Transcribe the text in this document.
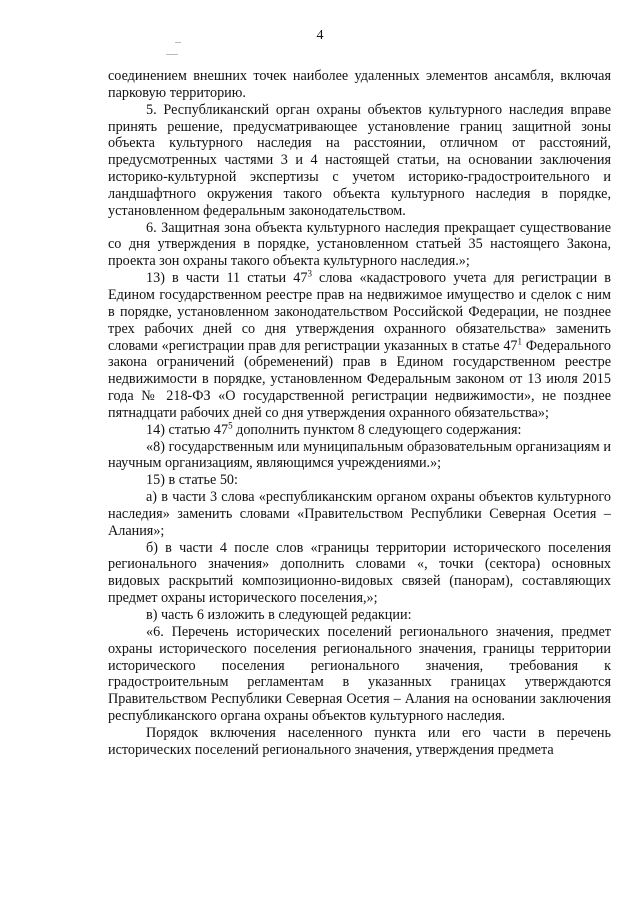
4

соединением внешних точек наиболее удаленных элементов ансамбля, включая парковую территорию.

5. Республиканский орган охраны объектов культурного наследия вправе принять решение, предусматривающее установление границ защитной зоны объекта культурного наследия на расстоянии, отличном от расстояний, предусмотренных частями 3 и 4 настоящей статьи, на основании заключения историко-культурной экспертизы с учетом историко-градостроительного и ландшафтного окружения такого объекта культурного наследия в порядке, установленном федеральным законодательством.

6. Защитная зона объекта культурного наследия прекращает существование со дня утверждения в порядке, установленном статьей 35 настоящего Закона, проекта зон охраны такого объекта культурного наследия.»;

13) в части 11 статьи $47^3$ слова «кадастрового учета для регистрации в Едином государственном реестре прав на недвижимое имущество и сделок с ним в порядке, установленном законодательством Российской Федерации, не позднее трех рабочих дней со дня утверждения охранного обязательства» заменить словами «регистрации прав для регистрации указанных в статье $47^1$ Федерального закона ограничений (обременений) прав в Едином государственном реестре недвижимости в порядке, установленном Федеральным законом от 13 июля 2015 года № 218-ФЗ «О государственной регистрации недвижимости», не позднее пятнадцати рабочих дней со дня утверждения охранного обязательства»;

14) статью $47^5$ дополнить пунктом 8 следующего содержания:

«8) государственным или муниципальным образовательным организациям и научным организациям, являющимся учреждениями.»;

15) в статье 50:

а) в части 3 слова «республиканским органом охраны объектов культурного наследия» заменить словами «Правительством Республики Северная Осетия – Алания»;

б) в части 4 после слов «границы территории исторического поселения регионального значения» дополнить словами «, точки (сектора) основных видовых раскрытий композиционно-видовых связей (панорам), составляющих предмет охраны исторического поселения,»;

в) часть 6 изложить в следующей редакции:

«6. Перечень исторических поселений регионального значения, предмет охраны исторического поселения регионального значения, границы территории исторического поселения регионального значения, требования к градостроительным регламентам в указанных границах утверждаются Правительством Республики Северная Осетия – Алания на основании заключения республиканского органа охраны объектов культурного наследия.

Порядок включения населенного пункта или его части в перечень исторических поселений регионального значения, утверждения предмета
